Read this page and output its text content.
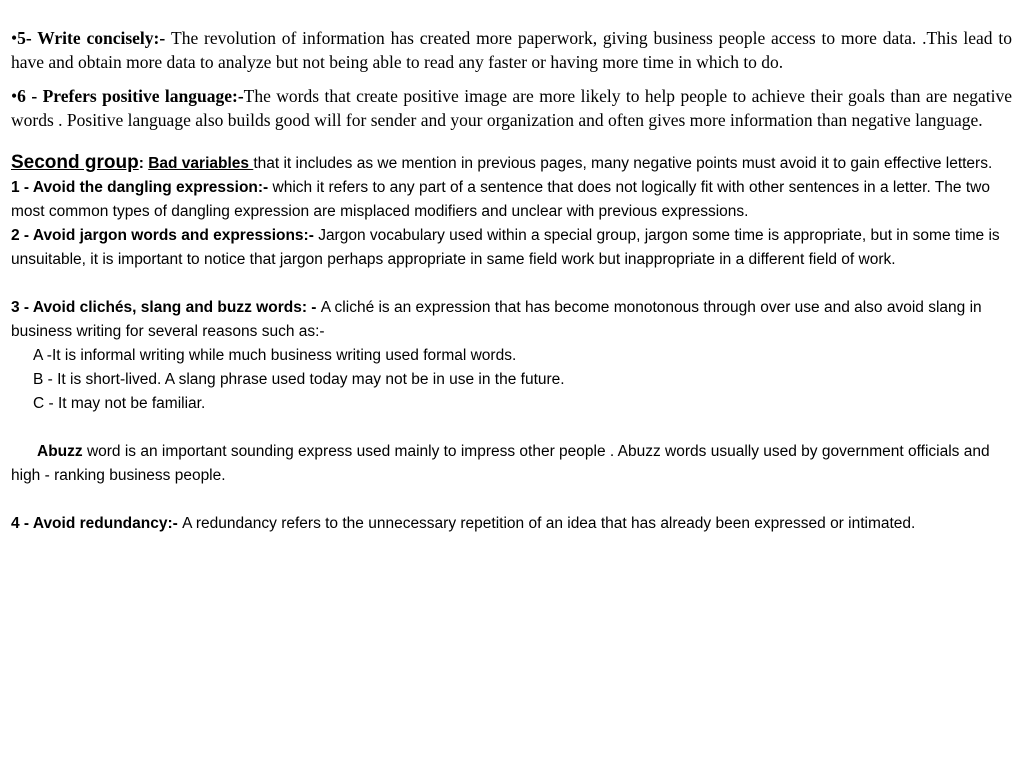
•5- Write concisely:- The revolution of information has created more paperwork, giving business people access to more data. .This lead to have and obtain more data to analyze but not being able to read any faster or having more time in which to do.

•6 - Prefers positive language:-The words that create positive image are more likely to help people to achieve their goals than are negative words . Positive language also builds good will for sender and your organization and often gives more information than negative language.

Second group: Bad variables that it includes as we mention in previous pages, many negative points must avoid it to gain effective letters.

1 - Avoid the dangling expression:- which it refers to any part of a sentence that does not logically fit with other sentences in a letter. The two most common types of dangling expression are misplaced modifiers and unclear with previous expressions.

2 - Avoid jargon words and expressions:- Jargon vocabulary used within a special group, jargon some time is appropriate, but in some time is unsuitable, it is important to notice that jargon perhaps appropriate in same field work but inappropriate in a different field of work.

3 - Avoid clichés, slang and buzz words: - A cliché is an expression that has become monotonous through over use and also avoid slang in business writing for several reasons such as:-

A -It is informal writing while much business writing used formal words.

B - It is short-lived. A slang phrase used today may not be in use in the future.

C - It may not be familiar.

Abuzz word is an important sounding express used mainly to impress other people . Abuzz words usually used by government officials and high - ranking business people.

4 - Avoid redundancy:- A redundancy refers to the unnecessary repetition of an idea that has already been expressed or intimated.
